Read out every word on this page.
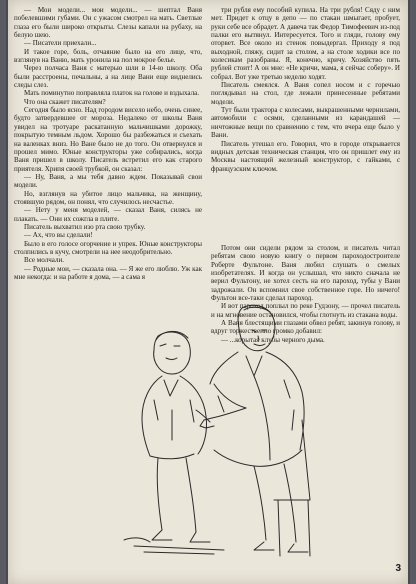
— Мои модели... мои модели... — шептал Ваня побелевшими губами. Он с ужасом смотрел на мать. Светлые глаза его были широко открыты. Слезы капали на рубаху, на белую шею.

— Писатели приехали...

И такое горе, боль, отчаяние было на его лице, что, взглянув на Ваню, мать уронила на пол мокрое белье.

Через полчаса Ваня с матерью шли в 14-ю школу. Оба были расстроены, печальны, а на лице Вани еще виднелись следы слез.

Мать поминутно поправляла платок на голове и вздыхала.

Что она скажет писателям?

Сегодня было ясно. Над городом висело небо, очень синее, будто затвердевшее от мороза. Недалеко от школы Ваня увидел на тротуаре раскатанную мальчишками дорожку, покрытую темным льдом. Хорошо бы разбежаться и съехать на валенках вниз. Но Ване было не до того. Он отвернулся и прошел мимо. Юные конструкторы уже собирались, когда Ваня пришел в школу. Писатель встретил его как старого приятеля. Хрипя своей трубкой, он сказал:

— Ну, Ваня, а мы тебя давно ждем. Показывай свои модели.

Но, взглянув на убитое лицо мальчика, на женщину, стоявшую рядом, он понял, что случилось несчастье.

— Нету у меня моделей, — сказал Ваня, силясь не плакать. — Они их сожгла в плите.

Писатель выхватил изо рта свою трубку.

— Ах, что вы сделали!

Было в его голосе огорчение и упрек. Юные конструкторы столпились в кучу, смотрели на нее неодобрительно.

Все молчали.

— Родные мои, — сказала она. — Я же его люблю. Уж как мне некогда: и на работе я дома, — а сама я

три рубля ему пособий купила. На три рубля! Сяду с ним мет. Придет к отцу в депо — по стакан шмыгает, пробует, руки себе все обрадет. А давеча так Федор Тимофеевич из-под палки его вытянул. Интересуется. Того и гляди, голову ему оторвет. Все около из стенок повыдергал. Приходу я под выходной, гляжу, сидит за столом, а на столе ходики все по колесикам разобраны. Я, конечно, кричу. Хозяйство пять рублей стоит! А он мне: «Не кричи, мама, я сейчас соберу». И собрал. Вот уже третью неделю ходят.

Писатель смеялся. А Ваня сопел носом и с горечью поглядывал на стол, где лежали принесенные ребятами модели.

Тут были трактора с колесами, выкрашенными чернилами, автомобили с осями, сделанными из карандашей — ничтожные вещи по сравнению с тем, что вчера еще было у Вани.

Писатель утешал его. Говорил, что в городе открывается видных детская техническая станция, что он пришлет ему из Москвы настоящий железный конструктор, с гайками, с французским ключом.

Потом они сидели рядом за столом, и писатель читал ребятам свою новую книгу о первом пароходостроителе Роберте Фультоне. Ваня любил слушать о смелых изобретателях. И когда он услышал, что никто сначала не верил Фультону, не хотел сесть на его пароход, тубы у Вани задрожали. Он вспомнил свое собственное горе. Но ничего! Фультон все-таки сделал пароход.

И вот пароход поплыл по реке Гудзону, — прочел писатель и на мгновение остановился, чтобы глотнуть из стакана воды.

А Ваня блестящими глазами обвел ребят, закинув голову, и вдруг торжественно громко добавил:

— ...корытая клубы черного дыма.

3
